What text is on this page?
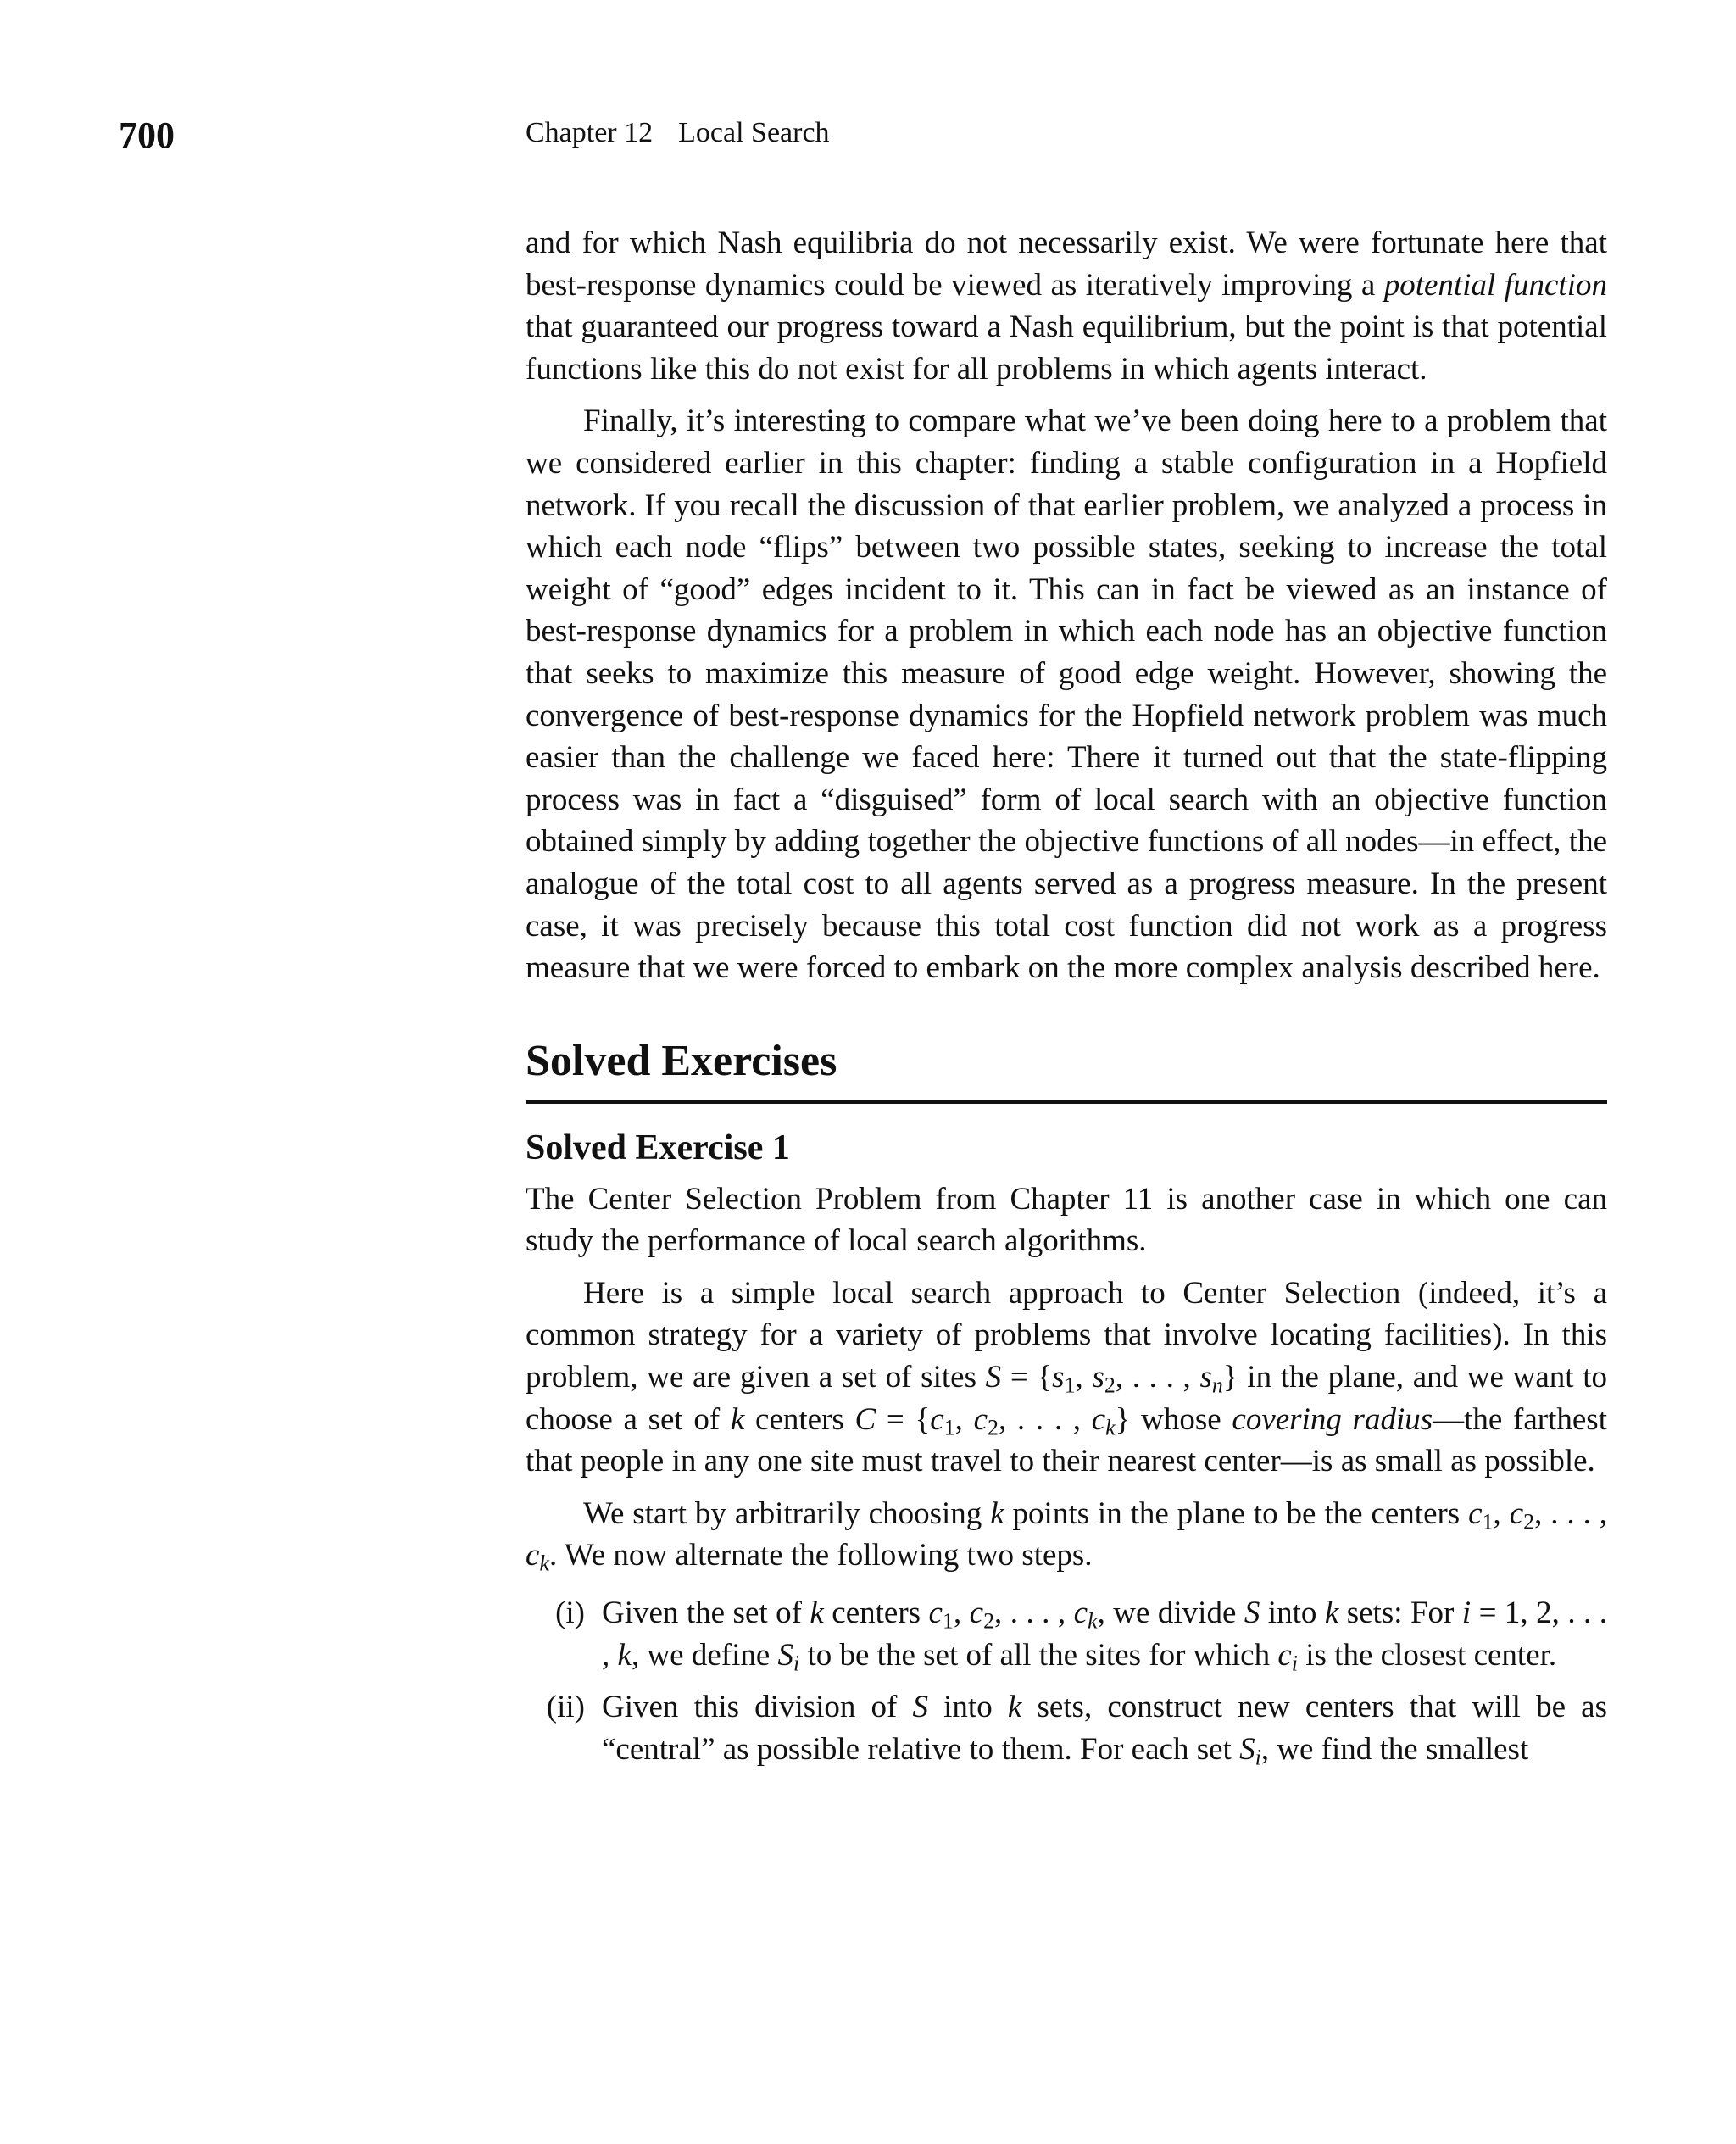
700	Chapter 12 Local Search

and for which Nash equilibria do not necessarily exist. We were fortunate here that best-response dynamics could be viewed as iteratively improving a potential function that guaranteed our progress toward a Nash equilibrium, but the point is that potential functions like this do not exist for all problems in which agents interact.

Finally, it’s interesting to compare what we’ve been doing here to a problem that we considered earlier in this chapter: finding a stable configuration in a Hopfield network. If you recall the discussion of that earlier problem, we analyzed a process in which each node “flips” between two possible states, seeking to increase the total weight of “good” edges incident to it. This can in fact be viewed as an instance of best-response dynamics for a problem in which each node has an objective function that seeks to maximize this measure of good edge weight. However, showing the convergence of best-response dynamics for the Hopfield network problem was much easier than the challenge we faced here: There it turned out that the state-flipping process was in fact a “disguised” form of local search with an objective function obtained simply by adding together the objective functions of all nodes—in effect, the analogue of the total cost to all agents served as a progress measure. In the present case, it was precisely because this total cost function did not work as a progress measure that we were forced to embark on the more complex analysis described here.

Solved Exercises
Solved Exercise 1

The Center Selection Problem from Chapter 11 is another case in which one can study the performance of local search algorithms.

Here is a simple local search approach to Center Selection (indeed, it’s a common strategy for a variety of problems that involve locating facilities). In this problem, we are given a set of sites $S = \{s_1$, $s_2$, . . . , $s_n$} in the plane, and we want to choose a set of k centers $C = \{c_1$, $c_2$, . . . , $c_k$} whose covering radius—the farthest that people in any one site must travel to their nearest center—is as small as possible.

We start by arbitrarily choosing k points in the plane to be the centers $c_1$, $c_2$, . . . , $c_k$. We now alternate the following two steps.

(i) Given the set of k centers $c_1$, $c_2$, . . . , $c_k$, we divide S into k sets: For i = 1, 2, . . . , k, we define $S_i$ to be the set of all the sites for which $c_i$ is the closest center.
(ii) Given this division of S into k sets, construct new centers that will be as “central” as possible relative to them. For each set $S_i$, we find the smallest
